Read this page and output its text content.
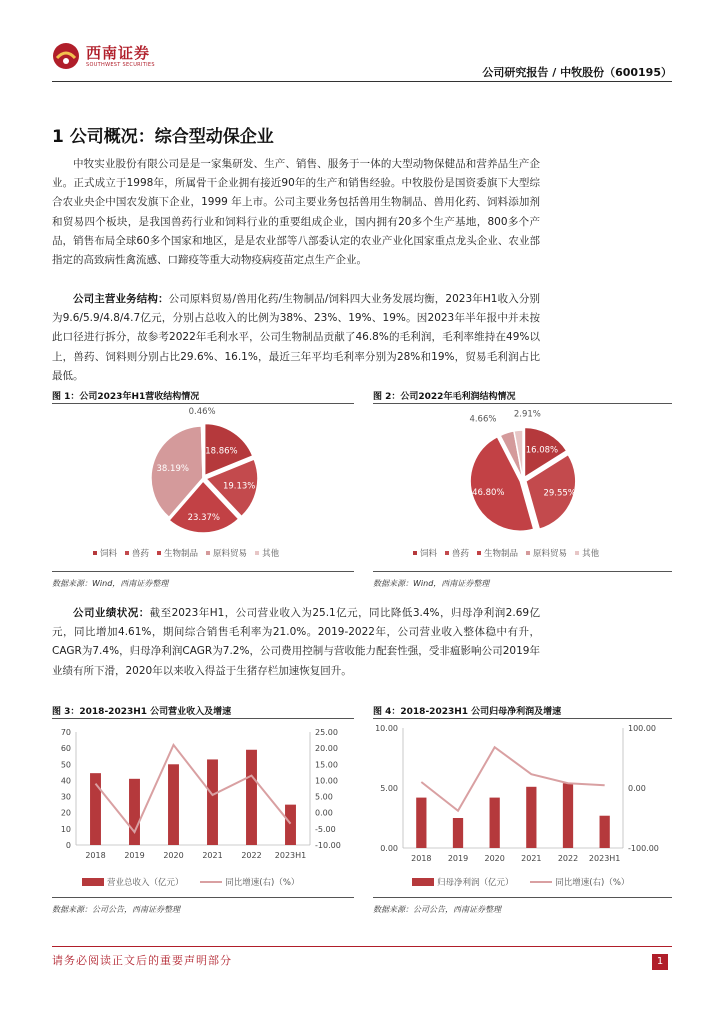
西南证券
SOUTHWEST SECURITIES
公司研究报告 / 中牧股份（600195）
1 公司概况：综合型动保企业
中牧实业股份有限公司是是一家集研发、生产、销售、服务于一体的大型动物保健品和营养品生产企业。正式成立于1998年，所属骨干企业拥有接近90年的生产和销售经验。中牧股份是国资委旗下大型综合农业央企中国农发旗下企业，1999 年上市。公司主要业务包括兽用生物制品、兽用化药、饲料添加剂和贸易四个板块，是我国兽药行业和饲料行业的重要组成企业，国内拥有20多个生产基地，800多个产品，销售布局全球60多个国家和地区，是是农业部等八部委认定的农业产业化国家重点龙头企业、农业部指定的高致病性禽流感、口蹄疫等重大动物疫病疫苗定点生产企业。
公司主营业务结构：公司原料贸易/兽用化药/生物制品/饲料四大业务发展均衡，2023年H1收入分别为9.6/5.9/4.8/4.7亿元，分别占总收入的比例为38%、23%、19%、19%。因2023年半年报中并未按此口径进行拆分，故参考2022年毛利水平，公司生物制品贡献了46.8%的毛利润，毛利率维持在49%以上，兽药、饲料则分别占比29.6%、16.1%，最近三年平均毛利率分别为28%和19%，贸易毛利润占比最低。
图 1：公司2023年H1营收结构情况
18.86%
19.13%
23.37%
38.19%
0.46%
饲料 兽药 生物制品 原料贸易 其他
数据来源：Wind，西南证券整理
图 2：公司2022年毛利润结构情况
16.08%
29.55%
46.80%
4.66%
2.91%
饲料 兽药 生物制品 原料贸易 其他
数据来源：Wind，西南证券整理
公司业绩状况：截至2023年H1，公司营业收入为25.1亿元，同比降低3.4%，归母净利润2.69亿元，同比增加4.61%，期间综合销售毛利率为21.0%。2019-2022年，公司营业收入整体稳中有升，CAGR为7.4%，归母净利润CAGR为7.2%，公司费用控制与营收能力配套性强，受非瘟影响公司2019年业绩有所下滑，2020年以来收入得益于生猪存栏加速恢复回升。
图 3：2018-2023H1 公司营业收入及增速
0
10
20
30
40
50
60
70
-10.00
-5.00
0.00
5.00
10.00
15.00
20.00
25.00
2018 2019 2020 2021 2022 2023H1
营业总收入（亿元）	同比增速(右)（%）
数据来源：公司公告，西南证券整理
图 4：2018-2023H1 公司归母净利润及增速
0.00
5.00
10.00
-100.00
0.00
100.00
2018 2019 2020 2021 2022 2023H1
归母净利润（亿元）	同比增速(右)（%）
数据来源：公司公告，西南证券整理
请务必阅读正文后的重要声明部分	1
